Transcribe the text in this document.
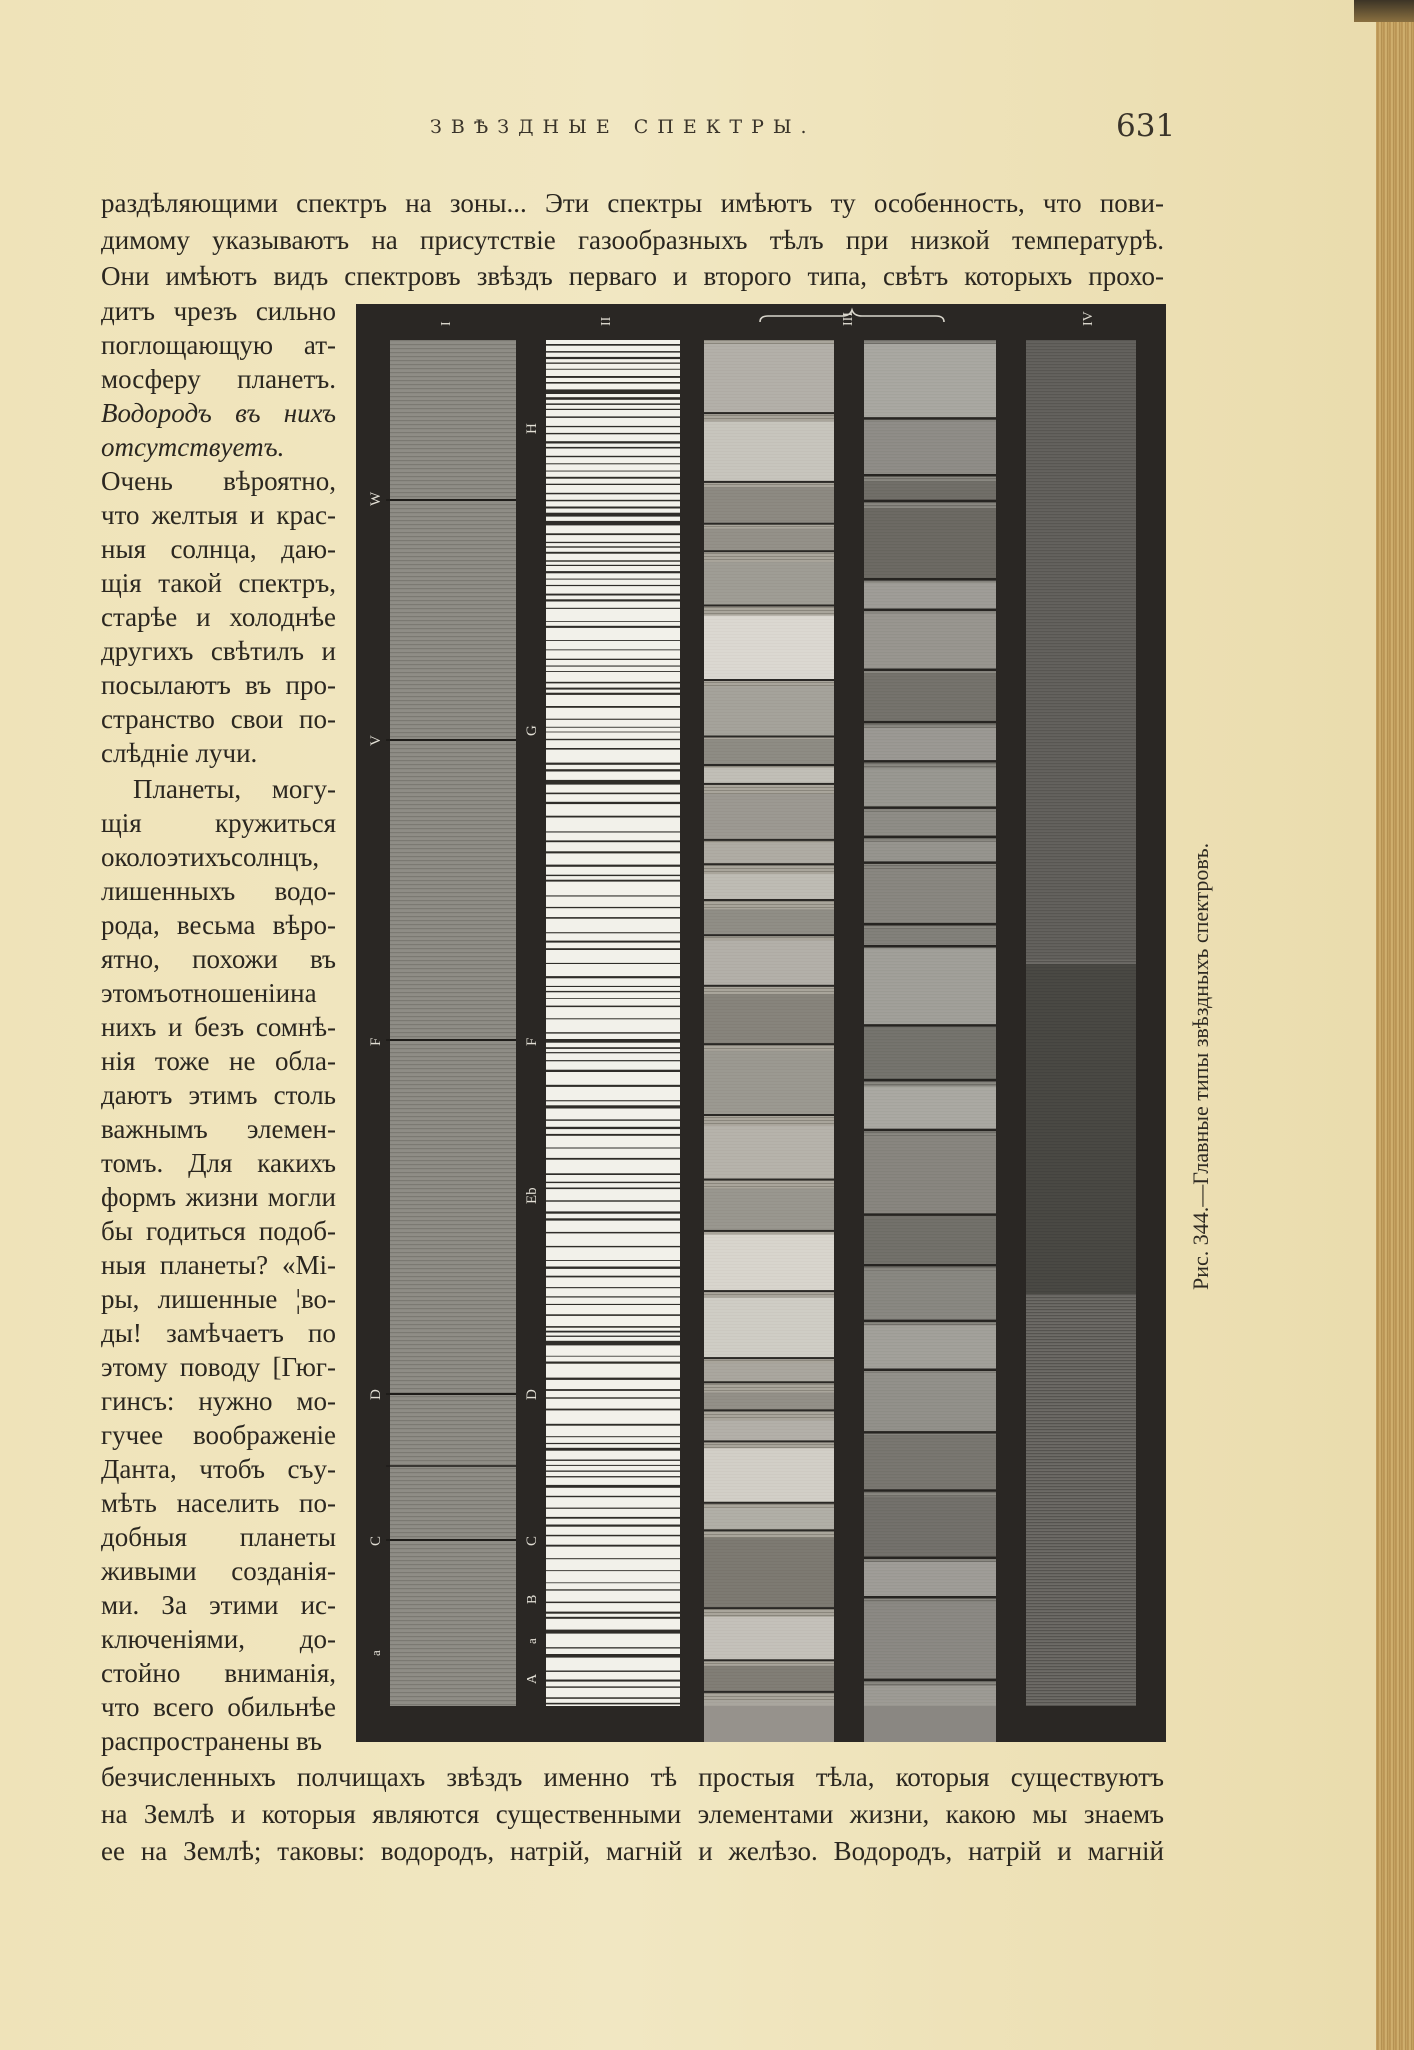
ЗВѢЗДНЫЕ СПЕКТРЫ.	631
раздѣляющими спектръ на зоны... Эти спектры имѣютъ ту особенность, что пови-
димому указываютъ на присутствіе газообразныхъ тѣлъ при низкой температурѣ.
Они имѣютъ видъ спектровъ звѣздъ перваго и второго типа, свѣтъ которыхъ прохо-
дитъ чрезъ сильно
поглощающую ат-
мосферу планетъ.
Водородъ въ нихъ
отсутствуетъ.
Очень вѣроятно,
что желтыя и крас-
ныя солнца, даю-
щія такой спектръ,
старѣе и холоднѣе
другихъ свѣтилъ и
посылаютъ въ про-
странство свои по-
слѣдніе лучи.
Планеты, могу-
щія кружиться
околоэтихъсолнцъ,
лишенныхъ водо-
рода, весьма вѣро-
ятно, похожи въ
этомъотношеніина
нихъ и безъ сомнѣ-
нія тоже не обла-
даютъ этимъ столь
важнымъ элемен-
томъ. Для какихъ
формъ жизни могли
бы годиться подоб-
ныя планеты? «Мі-
ры, лишенные ¦во-
ды! замѣчаетъ по
этому поводу [Гюг-
гинсъ: нужно мо-
гучее воображеніе
Данта, чтобъ съу-
мѣть населить по-
добныя планеты
живыми созданія-
ми. За этими ис-
ключеніями, до-
стойно вниманія,
что всего обильнѣе
распространены въ
безчисленныхъ полчищахъ звѣздъ именно тѣ простыя тѣла, которыя существуютъ
на Землѣ и которыя являются существенными элементами жизни, какою мы знаемъ
ее на Землѣ; таковы: водородъ, натрій, магній и желѣзо. Водородъ, натрій и магній
I	II	III	IV
W
V
F
D
C
a
H
G
F
Eb
D
C
B
a
A
Рис. 344.—Главные типы звѣздныхъ спектровъ.
